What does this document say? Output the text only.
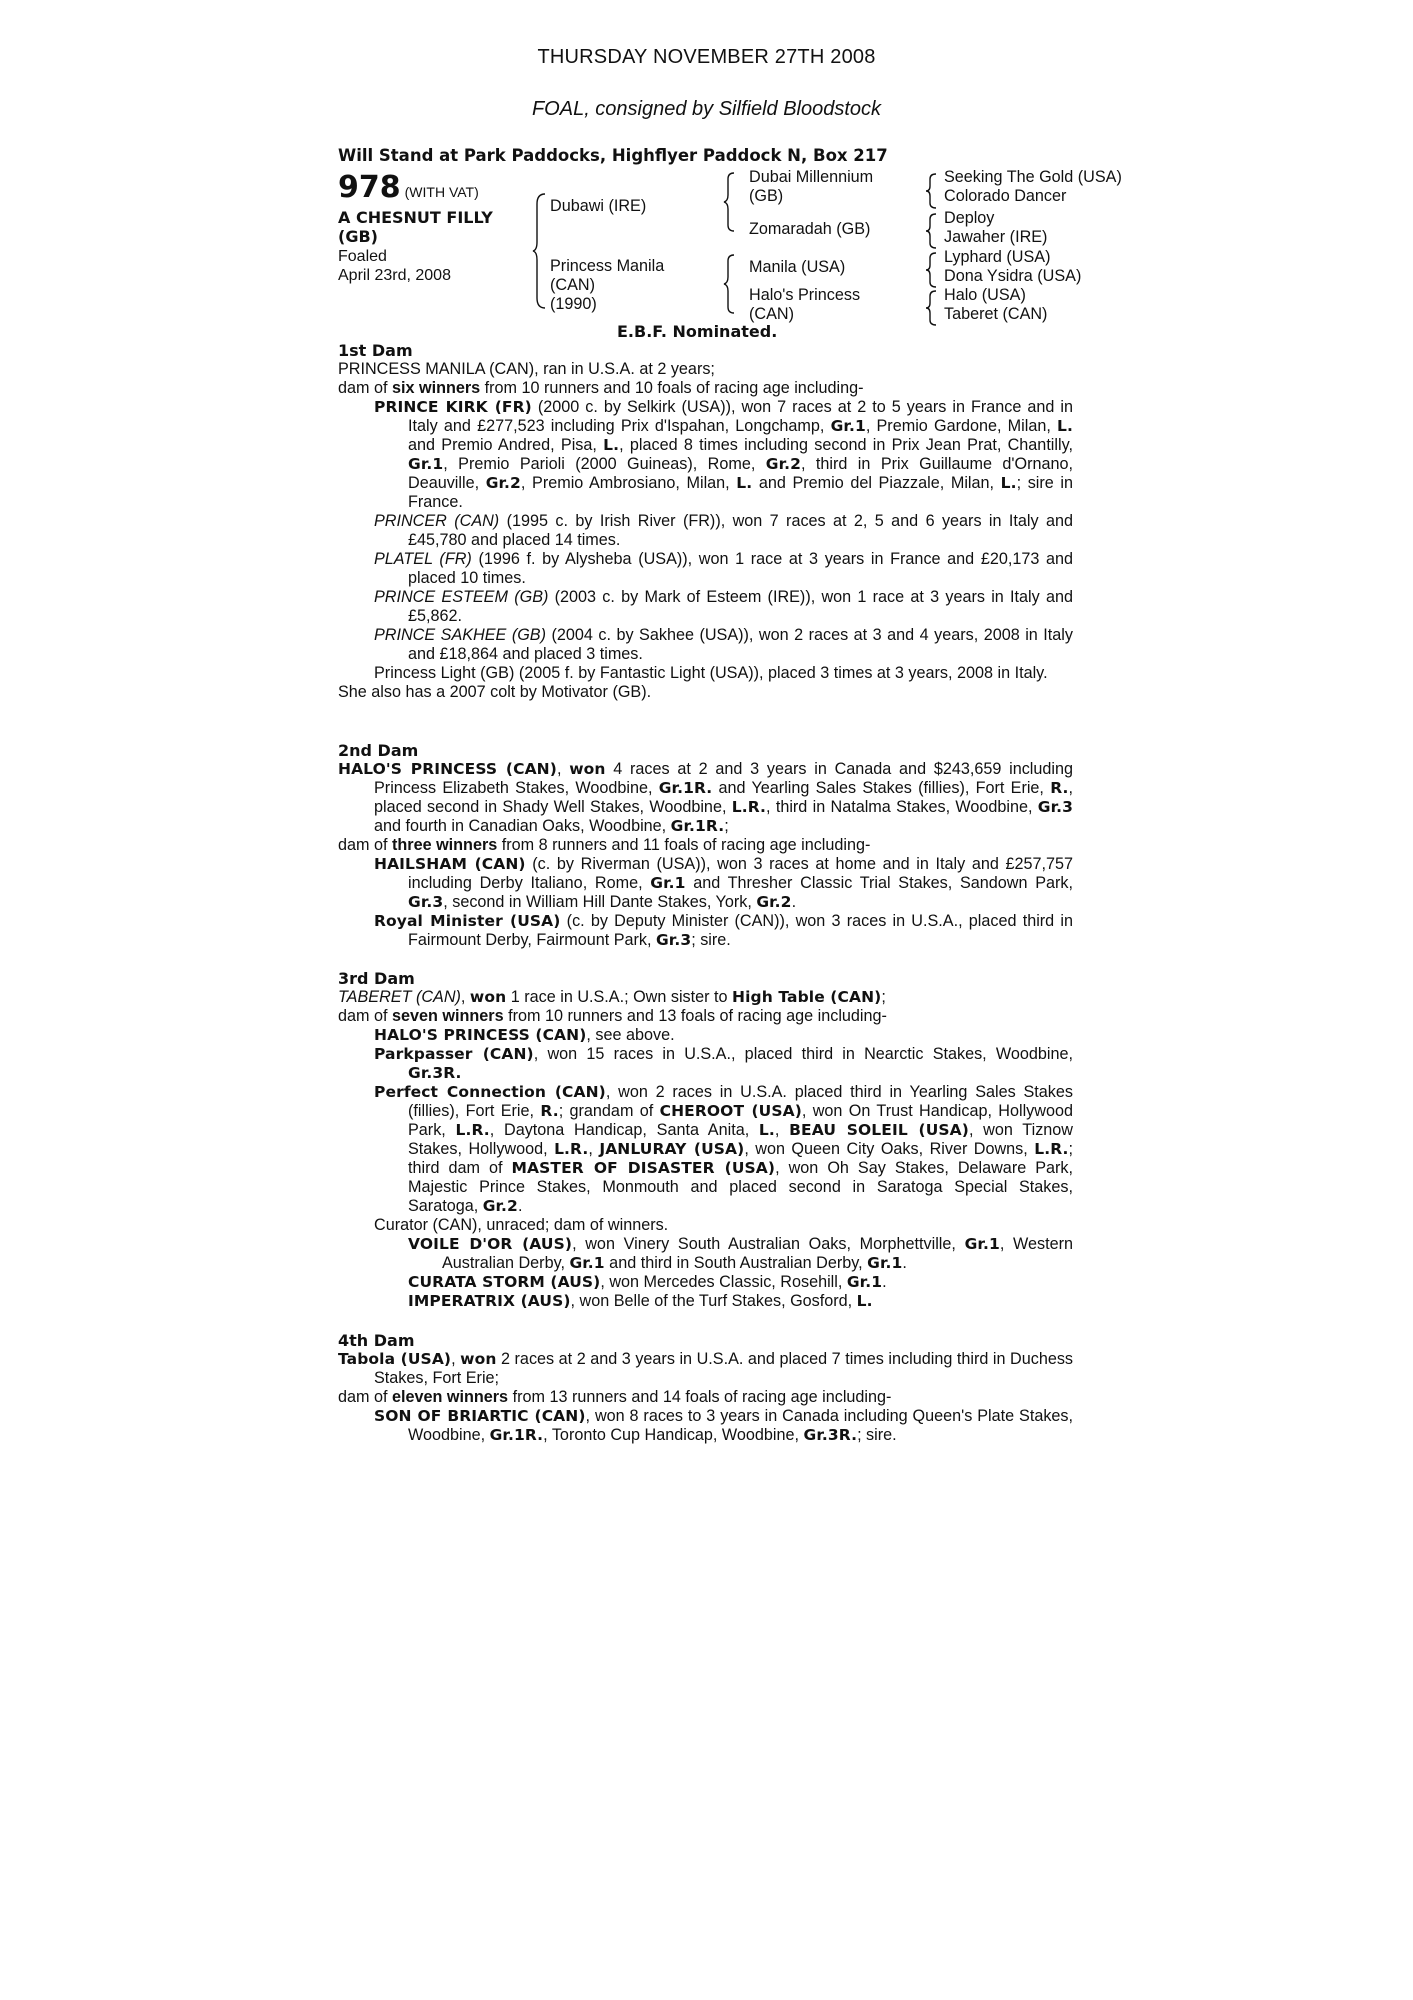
THURSDAY NOVEMBER 27TH 2008
FOAL, consigned by Silfield Bloodstock
Will Stand at Park Paddocks, Highflyer Paddock N, Box 217
978 (WITH VAT)
A CHESNUT FILLY
(GB)
Foaled
April 23rd, 2008
Dubawi (IRE)
Princess Manila
(CAN)
(1990)
Dubai Millennium
(GB)
Zomaradah (GB)
Manila (USA)
Halo's Princess
(CAN)
Seeking The Gold (USA)
Colorado Dancer
Deploy
Jawaher (IRE)
Lyphard (USA)
Dona Ysidra (USA)
Halo (USA)
Taberet (CAN)
E.B.F. Nominated.

1st Dam

PRINCESS MANILA (CAN), ran in U.S.A. at 2 years;

dam of six winners from 10 runners and 10 foals of racing age including-

PRINCE KIRK (FR) (2000 c. by Selkirk (USA)), won 7 races at 2 to 5 years in France and in Italy and £277,523 including Prix d'Ispahan, Longchamp, Gr.1, Premio Gardone, Milan, L. and Premio Andred, Pisa, L., placed 8 times including second in Prix Jean Prat, Chantilly, Gr.1, Premio Parioli (2000 Guineas), Rome, Gr.2, third in Prix Guillaume d'Ornano, Deauville, Gr.2, Premio Ambrosiano, Milan, L. and Premio del Piazzale, Milan, L.; sire in France.

PRINCER (CAN) (1995 c. by Irish River (FR)), won 7 races at 2, 5 and 6 years in Italy and £45,780 and placed 14 times.

PLATEL (FR) (1996 f. by Alysheba (USA)), won 1 race at 3 years in France and £20,173 and placed 10 times.

PRINCE ESTEEM (GB) (2003 c. by Mark of Esteem (IRE)), won 1 race at 3 years in Italy and £5,862.

PRINCE SAKHEE (GB) (2004 c. by Sakhee (USA)), won 2 races at 3 and 4 years, 2008 in Italy and £18,864 and placed 3 times.

Princess Light (GB) (2005 f. by Fantastic Light (USA)), placed 3 times at 3 years, 2008 in Italy.

She also has a 2007 colt by Motivator (GB).

2nd Dam

HALO'S PRINCESS (CAN), won 4 races at 2 and 3 years in Canada and $243,659 including Princess Elizabeth Stakes, Woodbine, Gr.1R. and Yearling Sales Stakes (fillies), Fort Erie, R., placed second in Shady Well Stakes, Woodbine, L.R., third in Natalma Stakes, Woodbine, Gr.3 and fourth in Canadian Oaks, Woodbine, Gr.1R.;

dam of three winners from 8 runners and 11 foals of racing age including-

HAILSHAM (CAN) (c. by Riverman (USA)), won 3 races at home and in Italy and £257,757 including Derby Italiano, Rome, Gr.1 and Thresher Classic Trial Stakes, Sandown Park, Gr.3, second in William Hill Dante Stakes, York, Gr.2.

Royal Minister (USA) (c. by Deputy Minister (CAN)), won 3 races in U.S.A., placed third in Fairmount Derby, Fairmount Park, Gr.3; sire.

3rd Dam

TABERET (CAN), won 1 race in U.S.A.; Own sister to High Table (CAN);

dam of seven winners from 10 runners and 13 foals of racing age including-

HALO'S PRINCESS (CAN), see above.

Parkpasser (CAN), won 15 races in U.S.A., placed third in Nearctic Stakes, Woodbine, Gr.3R.

Perfect Connection (CAN), won 2 races in U.S.A. placed third in Yearling Sales Stakes (fillies), Fort Erie, R.; grandam of CHEROOT (USA), won On Trust Handicap, Hollywood Park, L.R., Daytona Handicap, Santa Anita, L., BEAU SOLEIL (USA), won Tiznow Stakes, Hollywood, L.R., JANLURAY (USA), won Queen City Oaks, River Downs, L.R.; third dam of MASTER OF DISASTER (USA), won Oh Say Stakes, Delaware Park, Majestic Prince Stakes, Monmouth and placed second in Saratoga Special Stakes, Saratoga, Gr.2.

Curator (CAN), unraced; dam of winners.

VOILE D'OR (AUS), won Vinery South Australian Oaks, Morphettville, Gr.1, Western Australian Derby, Gr.1 and third in South Australian Derby, Gr.1.

CURATA STORM (AUS), won Mercedes Classic, Rosehill, Gr.1.

IMPERATRIX (AUS), won Belle of the Turf Stakes, Gosford, L.

4th Dam

Tabola (USA), won 2 races at 2 and 3 years in U.S.A. and placed 7 times including third in Duchess Stakes, Fort Erie;

dam of eleven winners from 13 runners and 14 foals of racing age including-

SON OF BRIARTIC (CAN), won 8 races to 3 years in Canada including Queen's Plate Stakes, Woodbine, Gr.1R., Toronto Cup Handicap, Woodbine, Gr.3R.; sire.
